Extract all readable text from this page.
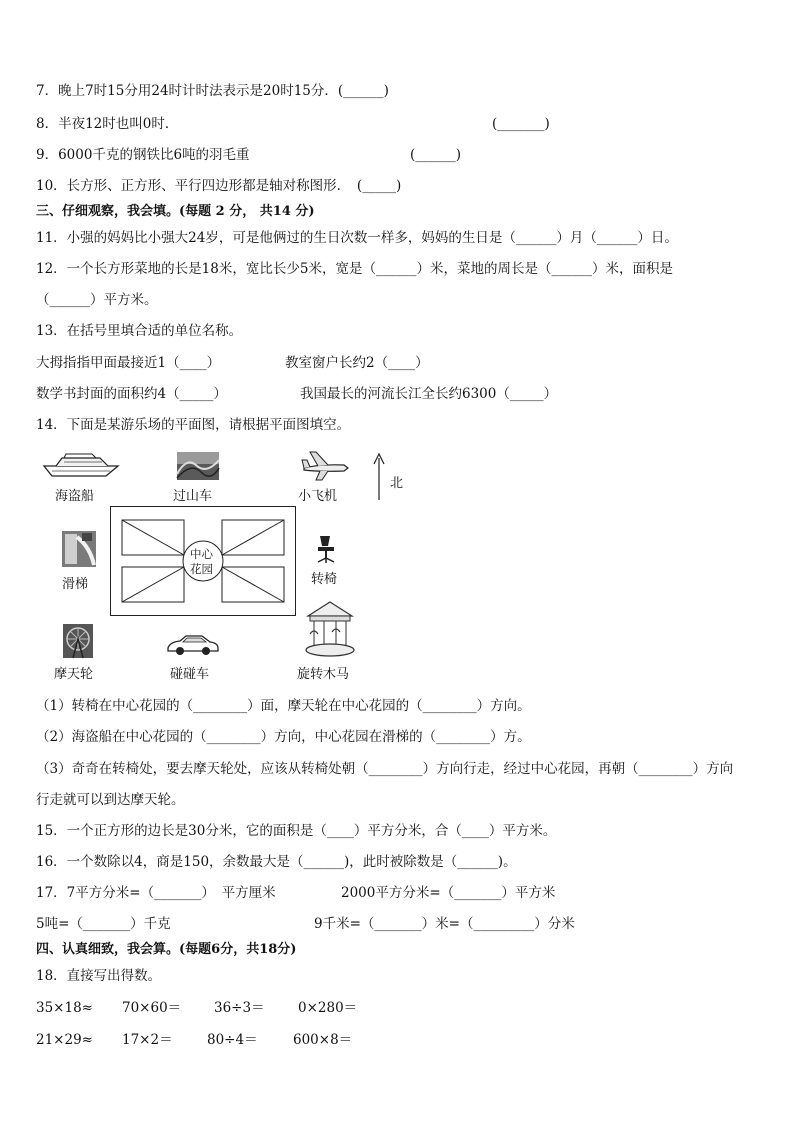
7．晚上7时15分用24时计时法表示是20时15分．(______)
8．半夜12时也叫0时．	(_______)
9．6000千克的钢铁比6吨的羽毛重	(______)
10．长方形、正方形、平行四边形都是轴对称图形．　(_____)
三、仔细观察，我会填。(每题 2 分， 共14 分)
11．小强的妈妈比小强大24岁，可是他俩过的生日次数一样多，妈妈的生日是（______）月（______）日。
12．一个长方形菜地的长是18米，宽比长少5米，宽是（______）米，菜地的周长是（______）米，面积是
（______）平方米。
13．在括号里填合适的单位名称。
大拇指指甲面最接近1（____）	教室窗户长约2（____）
数学书封面的面积约4（_____）	我国最长的河流长江全长约6300（_____）
14．下面是某游乐场的平面图，请根据平面图填空。
海盗船	过山车	小飞机
北
滑梯
中心
花园
转椅
摩天轮	碰碰车	旋转木马
（1）转椅在中心花园的（________）面，摩天轮在中心花园的（________）方向。
（2）海盗船在中心花园的（________）方向，中心花园在滑梯的（________）方。
（3）奇奇在转椅处，要去摩天轮处，应该从转椅处朝（________）方向行走，经过中心花园，再朝（________）方向
行走就可以到达摩天轮。
15．一个正方形的边长是30分米，它的面积是（____）平方分米，合（____）平方米。
16．一个数除以4，商是150，余数最大是（______)，此时被除数是（______)。
17．7平方分米=（_______）　平方厘米	2000平方分米=（_______）平方米
5吨=（_______）千克	9千米=（_______）米=（_________）分米
四、认真细致，我会算。(每题6分，共18分)
18．直接写出得数。
35×18≈ 70×60＝ 36÷3＝ 0×280＝
21×29≈ 17×2＝	80÷4＝	600×8＝
